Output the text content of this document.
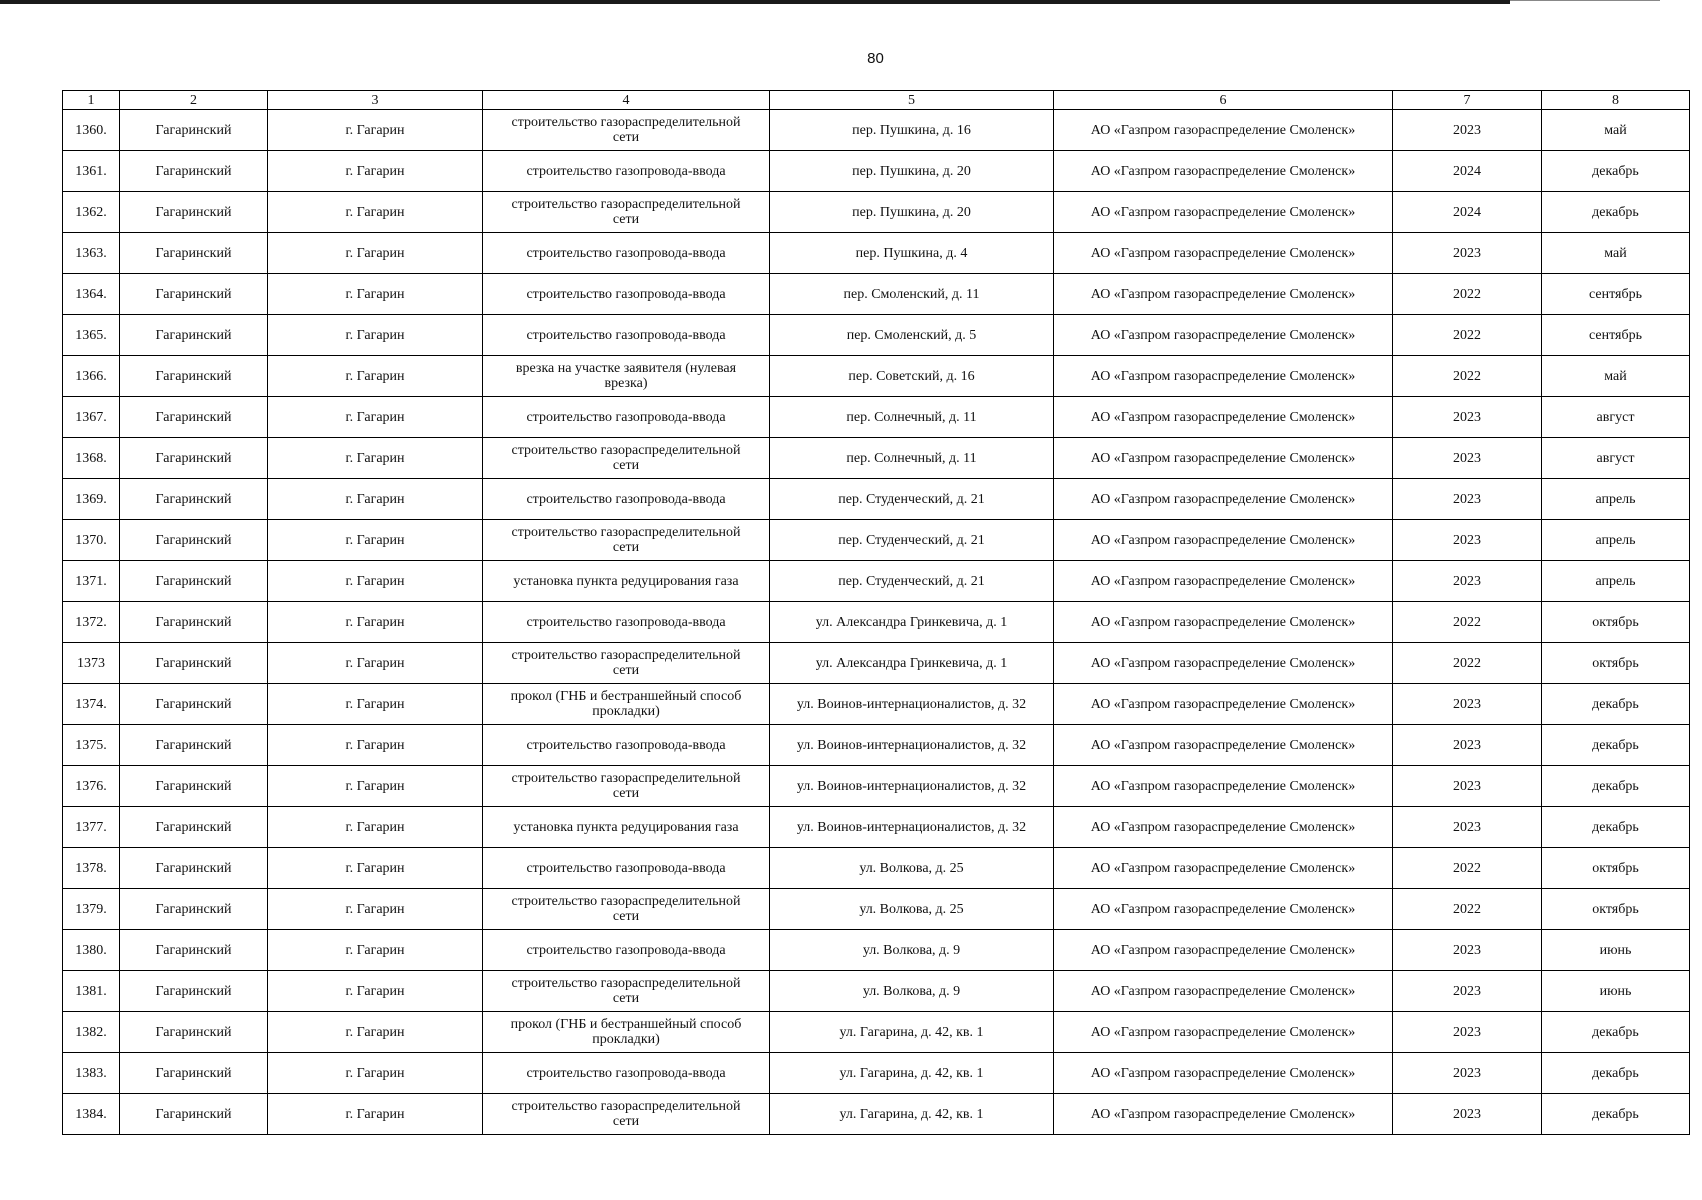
80
1	2	3	4	5	6	7	8
1360.	Гагаринский	г. Гагарин	строительство газораспределительной сети	пер. Пушкина, д. 16	АО «Газпром газораспределение Смоленск»	2023	май
1361.	Гагаринский	г. Гагарин	строительство газопровода-ввода	пер. Пушкина, д. 20	АО «Газпром газораспределение Смоленск»	2024	декабрь
1362.	Гагаринский	г. Гагарин	строительство газораспределительной сети	пер. Пушкина, д. 20	АО «Газпром газораспределение Смоленск»	2024	декабрь
1363.	Гагаринский	г. Гагарин	строительство газопровода-ввода	пер. Пушкина, д. 4	АО «Газпром газораспределение Смоленск»	2023	май
1364.	Гагаринский	г. Гагарин	строительство газопровода-ввода	пер. Смоленский, д. 11	АО «Газпром газораспределение Смоленск»	2022	сентябрь
1365.	Гагаринский	г. Гагарин	строительство газопровода-ввода	пер. Смоленский, д. 5	АО «Газпром газораспределение Смоленск»	2022	сентябрь
1366.	Гагаринский	г. Гагарин	врезка на участке заявителя (нулевая врезка)	пер. Советский, д. 16	АО «Газпром газораспределение Смоленск»	2022	май
1367.	Гагаринский	г. Гагарин	строительство газопровода-ввода	пер. Солнечный, д. 11	АО «Газпром газораспределение Смоленск»	2023	август
1368.	Гагаринский	г. Гагарин	строительство газораспределительной сети	пер. Солнечный, д. 11	АО «Газпром газораспределение Смоленск»	2023	август
1369.	Гагаринский	г. Гагарин	строительство газопровода-ввода	пер. Студенческий, д. 21	АО «Газпром газораспределение Смоленск»	2023	апрель
1370.	Гагаринский	г. Гагарин	строительство газораспределительной сети	пер. Студенческий, д. 21	АО «Газпром газораспределение Смоленск»	2023	апрель
1371.	Гагаринский	г. Гагарин	установка пункта редуцирования газа	пер. Студенческий, д. 21	АО «Газпром газораспределение Смоленск»	2023	апрель
1372.	Гагаринский	г. Гагарин	строительство газопровода-ввода	ул. Александра Гринкевича, д. 1	АО «Газпром газораспределение Смоленск»	2022	октябрь
1373	Гагаринский	г. Гагарин	строительство газораспределительной сети	ул. Александра Гринкевича, д. 1	АО «Газпром газораспределение Смоленск»	2022	октябрь
1374.	Гагаринский	г. Гагарин	прокол (ГНБ и бестраншейный способ прокладки)	ул. Воинов-интернационалистов, д. 32	АО «Газпром газораспределение Смоленск»	2023	декабрь
1375.	Гагаринский	г. Гагарин	строительство газопровода-ввода	ул. Воинов-интернационалистов, д. 32	АО «Газпром газораспределение Смоленск»	2023	декабрь
1376.	Гагаринский	г. Гагарин	строительство газораспределительной сети	ул. Воинов-интернационалистов, д. 32	АО «Газпром газораспределение Смоленск»	2023	декабрь
1377.	Гагаринский	г. Гагарин	установка пункта редуцирования газа	ул. Воинов-интернационалистов, д. 32	АО «Газпром газораспределение Смоленск»	2023	декабрь
1378.	Гагаринский	г. Гагарин	строительство газопровода-ввода	ул. Волкова, д. 25	АО «Газпром газораспределение Смоленск»	2022	октябрь
1379.	Гагаринский	г. Гагарин	строительство газораспределительной сети	ул. Волкова, д. 25	АО «Газпром газораспределение Смоленск»	2022	октябрь
1380.	Гагаринский	г. Гагарин	строительство газопровода-ввода	ул. Волкова, д. 9	АО «Газпром газораспределение Смоленск»	2023	июнь
1381.	Гагаринский	г. Гагарин	строительство газораспределительной сети	ул. Волкова, д. 9	АО «Газпром газораспределение Смоленск»	2023	июнь
1382.	Гагаринский	г. Гагарин	прокол (ГНБ и бестраншейный способ прокладки)	ул. Гагарина, д. 42, кв. 1	АО «Газпром газораспределение Смоленск»	2023	декабрь
1383.	Гагаринский	г. Гагарин	строительство газопровода-ввода	ул. Гагарина, д. 42, кв. 1	АО «Газпром газораспределение Смоленск»	2023	декабрь
1384.	Гагаринский	г. Гагарин	строительство газораспределительной сети	ул. Гагарина, д. 42, кв. 1	АО «Газпром газораспределение Смоленск»	2023	декабрь
